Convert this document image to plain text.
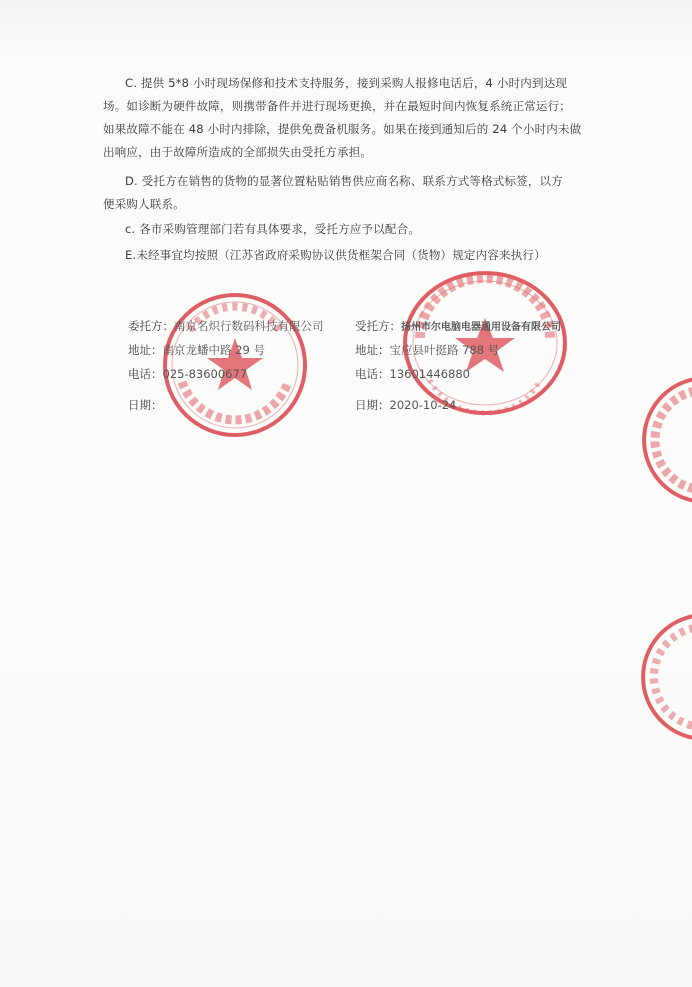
C. 提供 5*8 小时现场保修和技术支持服务，接到采购人报修电话后，4 小时内到达现
场。如诊断为硬件故障，则携带备件并进行现场更换，并在最短时间内恢复系统正常运行；
如果故障不能在 48 小时内排除，提供免费备机服务。如果在接到通知后的 24 个小时内未做
出响应，由于故障所造成的全部损失由受托方承担。
D. 受托方在销售的货物的显著位置粘贴销售供应商名称、联系方式等格式标签，以方
便采购人联系。
c. 各市采购管理部门若有具体要求，受托方应予以配合。
E.未经事宜均按照（江苏省政府采购协议供货框架合同（货物）规定内容来执行）
委托方：南京名炽行数码科技有限公司
地址：南京龙蟠中路 29 号
电话：025-83600677
日期：
受托方：扬州市尔电脑电器通用设备有限公司
地址：宝应县叶挺路 788 号
电话：13601446880
日期：2020-10-24
